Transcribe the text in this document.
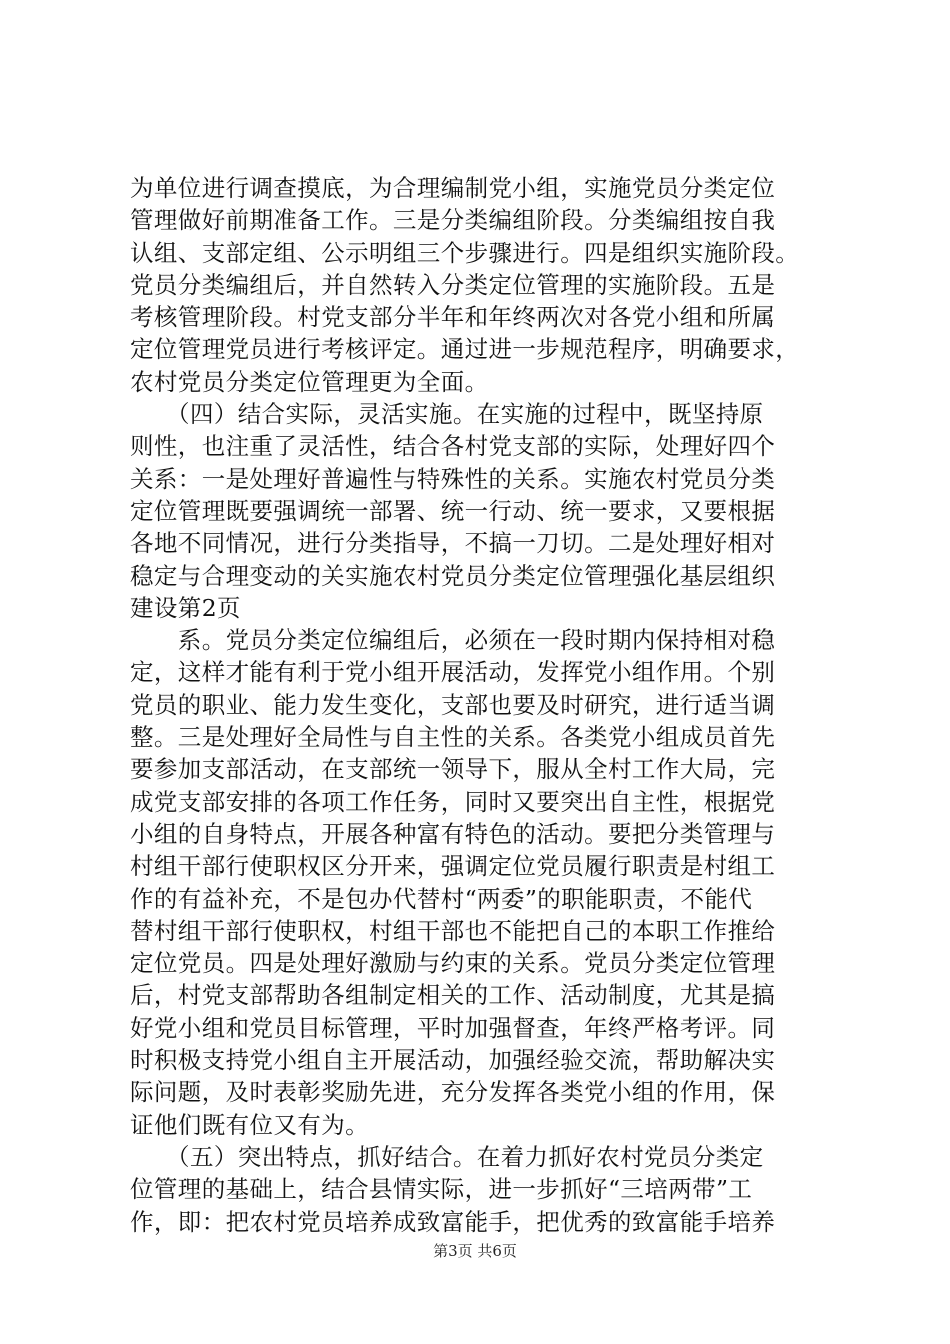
为单位进行调查摸底，为合理编制党小组，实施党员分类定位
管理做好前期准备工作。三是分类编组阶段。分类编组按自我
认组、支部定组、公示明组三个步骤进行。四是组织实施阶段。
党员分类编组后，并自然转入分类定位管理的实施阶段。五是
考核管理阶段。村党支部分半年和年终两次对各党小组和所属
定位管理党员进行考核评定。通过进一步规范程序，明确要求，
农村党员分类定位管理更为全面。
　　（四）结合实际，灵活实施。在实施的过程中，既坚持原
则性，也注重了灵活性，结合各村党支部的实际，处理好四个
关系：一是处理好普遍性与特殊性的关系。实施农村党员分类
定位管理既要强调统一部署、统一行动、统一要求，又要根据
各地不同情况，进行分类指导，不搞一刀切。二是处理好相对
稳定与合理变动的关实施农村党员分类定位管理强化基层组织
建设第2页
　　系。党员分类定位编组后，必须在一段时期内保持相对稳
定，这样才能有利于党小组开展活动，发挥党小组作用。个别
党员的职业、能力发生变化，支部也要及时研究，进行适当调
整。三是处理好全局性与自主性的关系。各类党小组成员首先
要参加支部活动，在支部统一领导下，服从全村工作大局，完
成党支部安排的各项工作任务，同时又要突出自主性，根据党
小组的自身特点，开展各种富有特色的活动。要把分类管理与
村组干部行使职权区分开来，强调定位党员履行职责是村组工
作的有益补充，不是包办代替村“两委”的职能职责，不能代
替村组干部行使职权，村组干部也不能把自己的本职工作推给
定位党员。四是处理好激励与约束的关系。党员分类定位管理
后，村党支部帮助各组制定相关的工作、活动制度，尤其是搞
好党小组和党员目标管理，平时加强督查，年终严格考评。同
时积极支持党小组自主开展活动，加强经验交流，帮助解决实
际问题，及时表彰奖励先进，充分发挥各类党小组的作用，保
证他们既有位又有为。
　　（五）突出特点，抓好结合。在着力抓好农村党员分类定
位管理的基础上，结合县情实际，进一步抓好“三培两带”工
作，即：把农村党员培养成致富能手，把优秀的致富能手培养
第3页 共6页
